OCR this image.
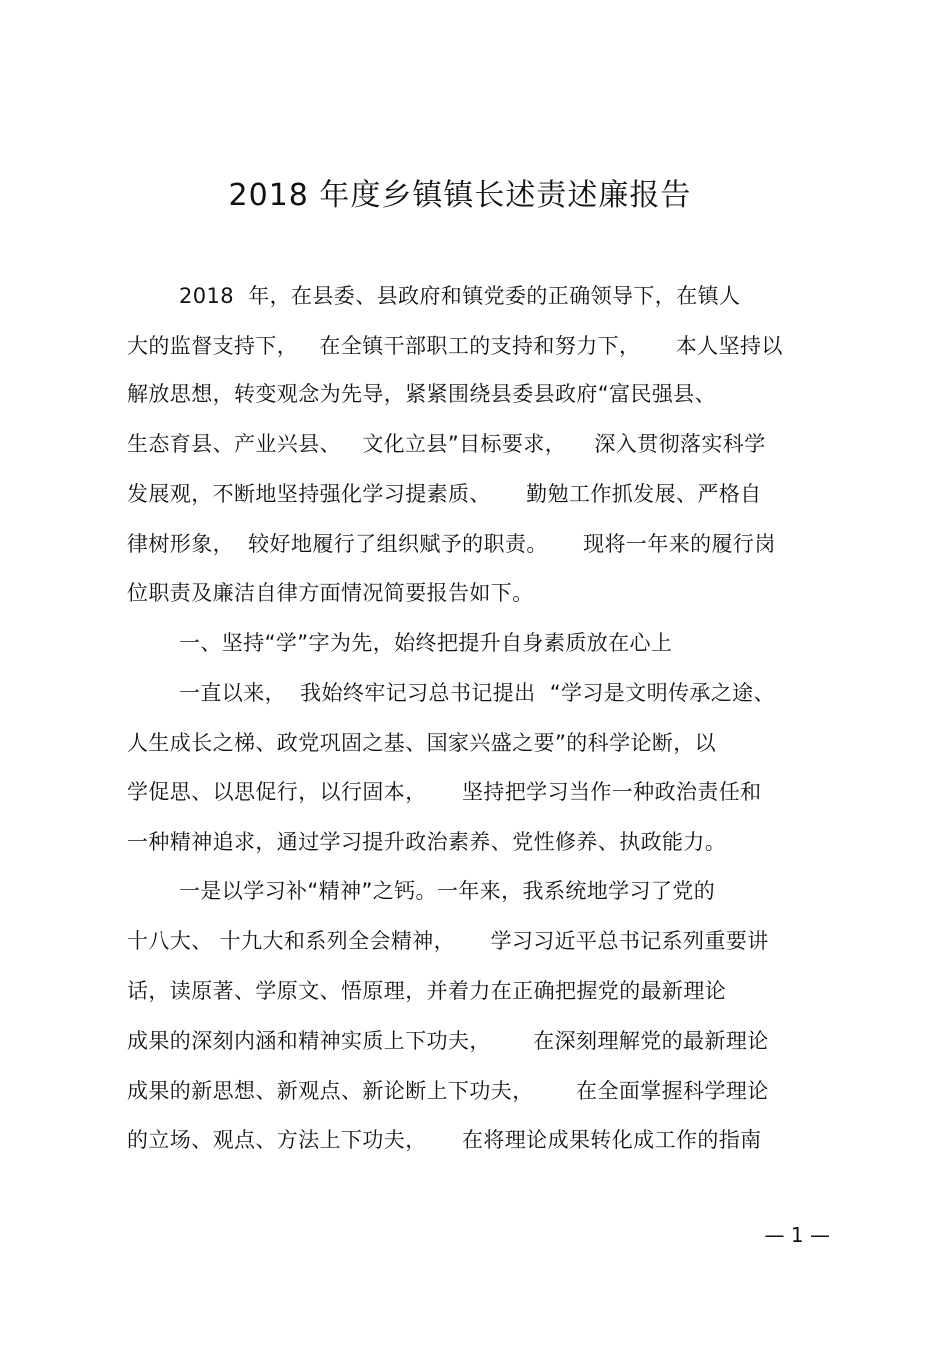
2018 年度乡镇镇长述责述廉报告
2018  年，在县委、县政府和镇党委的正确领导下，在镇人
大的监督支持下，   在全镇干部职工的支持和努力下，     本人坚持以
解放思想，转变观念为先导，紧紧围绕县委县政府“富民强县、
生态育县、产业兴县、   文化立县”目标要求，    深入贯彻落实科学
发展观，不断地坚持强化学习提素质、     勤勉工作抓发展、严格自
律树形象，  较好地履行了组织赋予的职责。     现将一年来的履行岗
位职责及廉洁自律方面情况简要报告如下。
一、坚持“学”字为先，始终把提升自身素质放在心上
一直以来，  我始终牢记习总书记提出  “学习是文明传承之途、
人生成长之梯、政党巩固之基、国家兴盛之要”的科学论断，以
学促思、以思促行，以行固本，     坚持把学习当作一种政治责任和
一种精神追求，通过学习提升政治素养、党性修养、执政能力。
一是以学习补“精神”之钙。一年来，我系统地学习了党的
十八大、 十九大和系列全会精神，     学习习近平总书记系列重要讲
话，读原著、学原文、悟原理，并着力在正确把握党的最新理论
成果的深刻内涵和精神实质上下功夫，      在深刻理解党的最新理论
成果的新思想、新观点、新论断上下功夫，      在全面掌握科学理论
的立场、观点、方法上下功夫，     在将理论成果转化成工作的指南
— 1 —
